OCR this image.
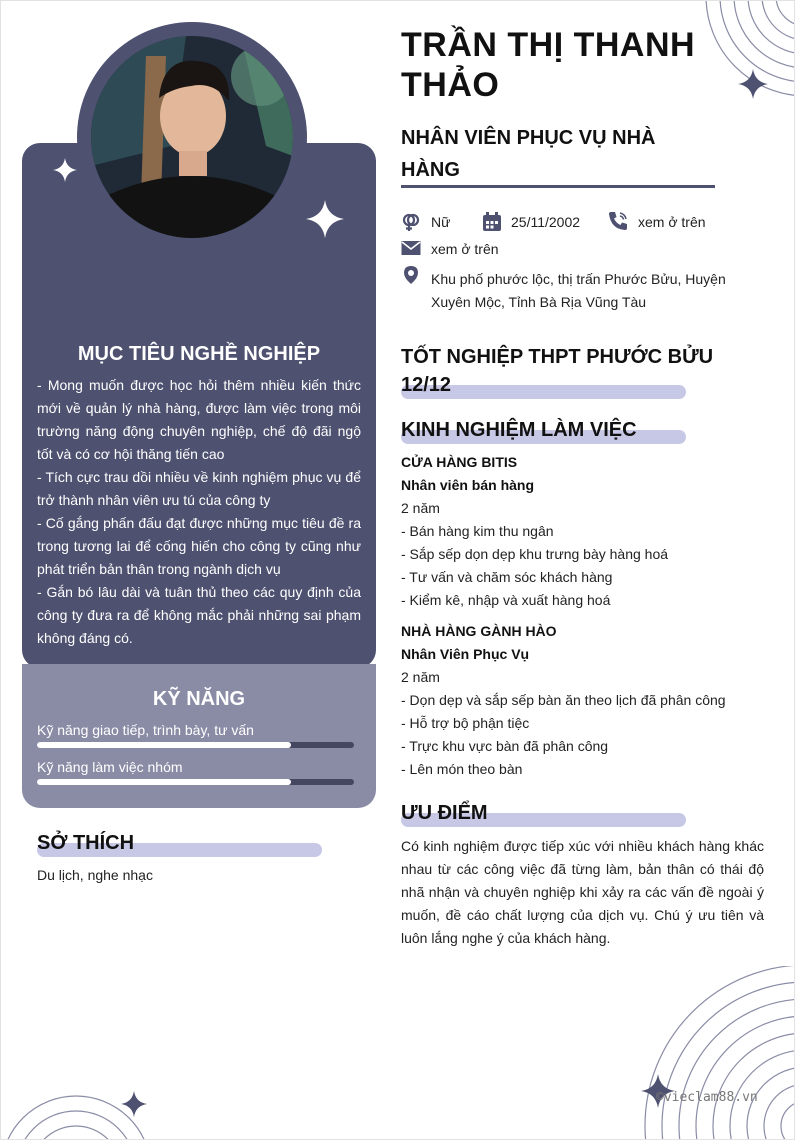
MỤC TIÊU NGHỀ NGHIỆP

- Mong muốn được học hỏi thêm nhiều kiến thức mới về quản lý nhà hàng, được làm việc trong môi trường năng động chuyên nghiệp, chế độ đãi ngộ tốt và có cơ hội thăng tiến cao

- Tích cực trau dồi nhiều về kinh nghiệm phục vụ để trở thành nhân viên ưu tú của công ty

- Cố gắng phấn đấu đạt được những mục tiêu đề ra trong tương lai để cống hiến cho công ty cũng như phát triển bản thân trong ngành dịch vụ

- Gắn bó lâu dài và tuân thủ theo các quy định của công ty đưa ra để không mắc phải những sai phạm không đáng có.

KỸ NĂNG
Kỹ năng giao tiếp, trình bày, tư vấn
Kỹ năng làm việc nhóm
SỞ THÍCH
Du lịch, nghe nhạc
TRẦN THỊ THANH THẢO
NHÂN VIÊN PHỤC VỤ NHÀ HÀNG
Nữ	25/11/2002	xem ở trên
xem ở trên
Khu phố phước lộc, thị trấn Phước Bửu, Huyện Xuyên Mộc, Tỉnh Bà Rịa Vũng Tàu
TỐT NGHIỆP THPT PHƯỚC BỬU 12/12
KINH NGHIỆM LÀM VIỆC
CỬA HÀNG BITIS
Nhân viên bán hàng
2 năm
- Bán hàng kim thu ngân
- Sắp sếp dọn dẹp khu trưng bày hàng hoá
- Tư vấn và chăm sóc khách hàng
- Kiểm kê, nhập và xuất hàng hoá
NHÀ HÀNG GÀNH HÀO
Nhân Viên Phục Vụ
2 năm
- Dọn dẹp và sắp sếp bàn ăn theo lịch đã phân công
- Hỗ trợ bộ phận tiệc
- Trực khu vực bàn đã phân công
- Lên món theo bàn
ƯU ĐIỂM
Có kinh nghiệm được tiếp xúc với nhiều khách hàng khác nhau từ các công việc đã từng làm, bản thân có thái độ nhã nhận và chuyên nghiệp khi xảy ra các vấn đề ngoài ý muốn, đề cáo chất lượng của dịch vụ. Chú ý ưu tiên và luôn lắng nghe ý của khách hàng.
©vieclam88.vn
